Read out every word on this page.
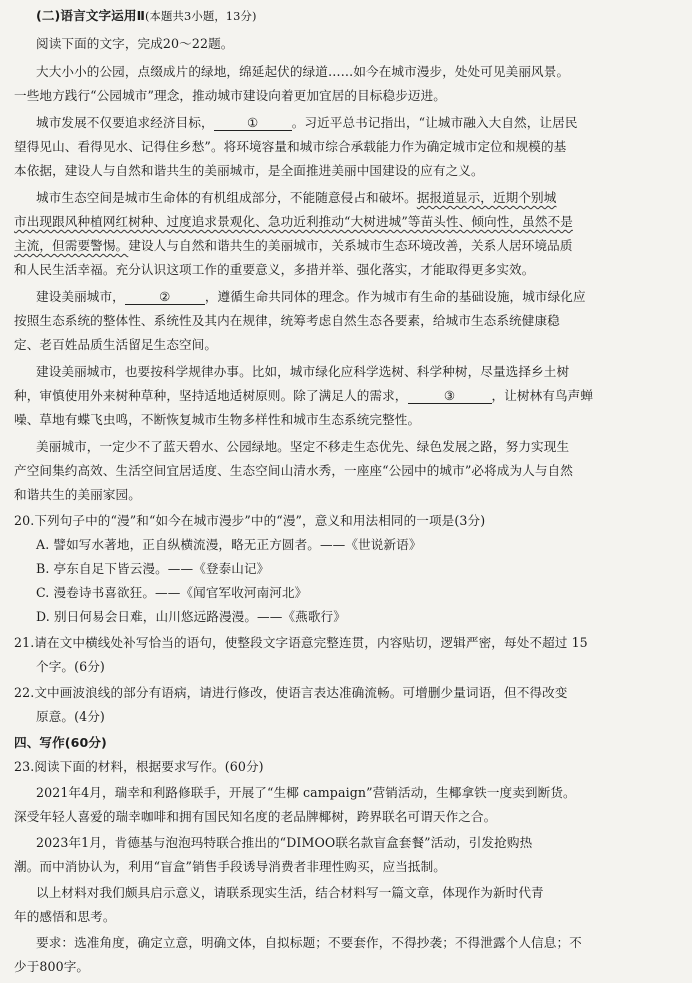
(二)语言文字运用Ⅱ(本题共3小题，13分)
阅读下面的文字，完成20～22题。
大大小小的公园，点缀成片的绿地，绵延起伏的绿道……如今在城市漫步，处处可见美丽风景。
一些地方践行“公园城市”理念，推动城市建设向着更加宜居的目标稳步迈进。
城市发展不仅要追求经济目标，	①	。习近平总书记指出，“让城市融入大自然，让居民
望得见山、看得见水、记得住乡愁”。将环境容量和城市综合承载能力作为确定城市定位和规模的基
本依据，建设人与自然和谐共生的美丽城市，是全面推进美丽中国建设的应有之义。
城市生态空间是城市生命体的有机组成部分，不能随意侵占和破坏。据报道显示，近期个别城
市出现跟风种植网红树种、过度追求景观化、急功近利推动“大树进城”等苗头性、倾向性，虽然不是
主流，但需要警惕。建设人与自然和谐共生的美丽城市，关系城市生态环境改善，关系人居环境品质
和人民生活幸福。充分认识这项工作的重要意义，多措并举、强化落实，才能取得更多实效。
建设美丽城市，	②	，遵循生命共同体的理念。作为城市有生命的基础设施，城市绿化应
按照生态系统的整体性、系统性及其内在规律，统筹考虑自然生态各要素，给城市生态系统健康稳
定、老百姓品质生活留足生态空间。
建设美丽城市，也要按科学规律办事。比如，城市绿化应科学选树、科学种树，尽量选择乡土树
种，审慎使用外来树种草种，坚持适地适树原则。除了满足人的需求，	③	，让树林有鸟声蝉
噪、草地有蝶飞虫鸣，不断恢复城市生物多样性和城市生态系统完整性。
美丽城市，一定少不了蓝天碧水、公园绿地。坚定不移走生态优先、绿色发展之路，努力实现生
产空间集约高效、生活空间宜居适度、生态空间山清水秀，一座座“公园中的城市”必将成为人与自然
和谐共生的美丽家园。
20.下列句子中的“漫”和“如今在城市漫步”中的“漫”，意义和用法相同的一项是(3分)
A. 譬如写水著地，正自纵横流漫，略无正方圆者。——《世说新语》
B. 亭东自足下皆云漫。——《登泰山记》
C. 漫卷诗书喜欲狂。——《闻官军收河南河北》
D. 别日何易会日难，山川悠远路漫漫。——《燕歌行》
21.请在文中横线处补写恰当的语句，使整段文字语意完整连贯，内容贴切，逻辑严密，每处不超过 15
个字。(6分)
22.文中画波浪线的部分有语病，请进行修改，使语言表达准确流畅。可增删少量词语，但不得改变
原意。(4分)
四、写作(60分)
23.阅读下面的材料，根据要求写作。(60分)
2021年4月，瑞幸和利路修联手，开展了“生椰 campaign”营销活动，生椰拿铁一度卖到断货。
深受年轻人喜爱的瑞幸咖啡和拥有国民知名度的老品牌椰树，跨界联名可谓天作之合。
2023年1月，肯德基与泡泡玛特联合推出的“DIMOO联名款盲盒套餐”活动，引发抢购热
潮。而中消协认为，利用“盲盒”销售手段诱导消费者非理性购买，应当抵制。
以上材料对我们颇具启示意义，请联系现实生活，结合材料写一篇文章，体现作为新时代青
年的感悟和思考。
要求：选准角度，确定立意，明确文体，自拟标题；不要套作，不得抄袭；不得泄露个人信息；不
少于800字。
